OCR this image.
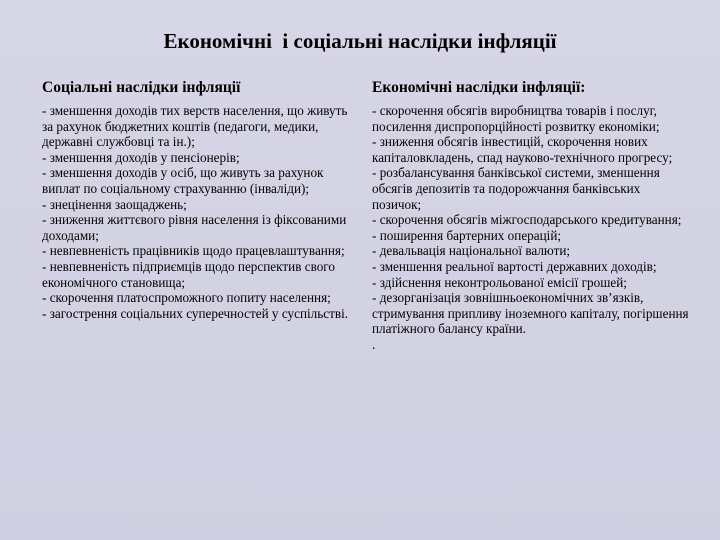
Економічні  і соціальні наслідки інфляції
Соціальні наслідки інфляції
- зменшення доходів тих верств населення, що живуть за рахунок бюджетних коштів (педагоги, медики, державні службовці та ін.);
- зменшення доходів у пенсіонерів;
- зменшення доходів у осіб, що живуть за рахунок виплат по соціальному страхуванню (інваліди);
- знецінення заощаджень;
- зниження життєвого рівня населення із фіксованими доходами;
- невпевненість працівників щодо працевлаштування;
- невпевненість підприємців щодо перспектив свого економічного становища;
- скорочення платоспроможного попиту населення;
- загострення соціальних суперечностей у суспільстві.
Економічні наслідки інфляції:
- скорочення обсягів виробництва товарів і послуг, посилення диспропорційності розвитку економіки;
- зниження обсягів інвестицій, скорочення нових капіталовкладень, спад науково-технічного прогресу;
- розбалансування банківської системи, зменшення обсягів депозитів та подорожчання банківських позичок;
- скорочення обсягів міжгосподарського кредитування;
- поширення бартерних операцій;
- девальвація національної валюти;
- зменшення реальної вартості державних доходів;
- здійснення неконтрольованої емісії грошей;
- дезорганізація зовнішньоекономічних зв’язків, стримування припливу іноземного капіталу, погіршення платіжного балансу країни.
.
